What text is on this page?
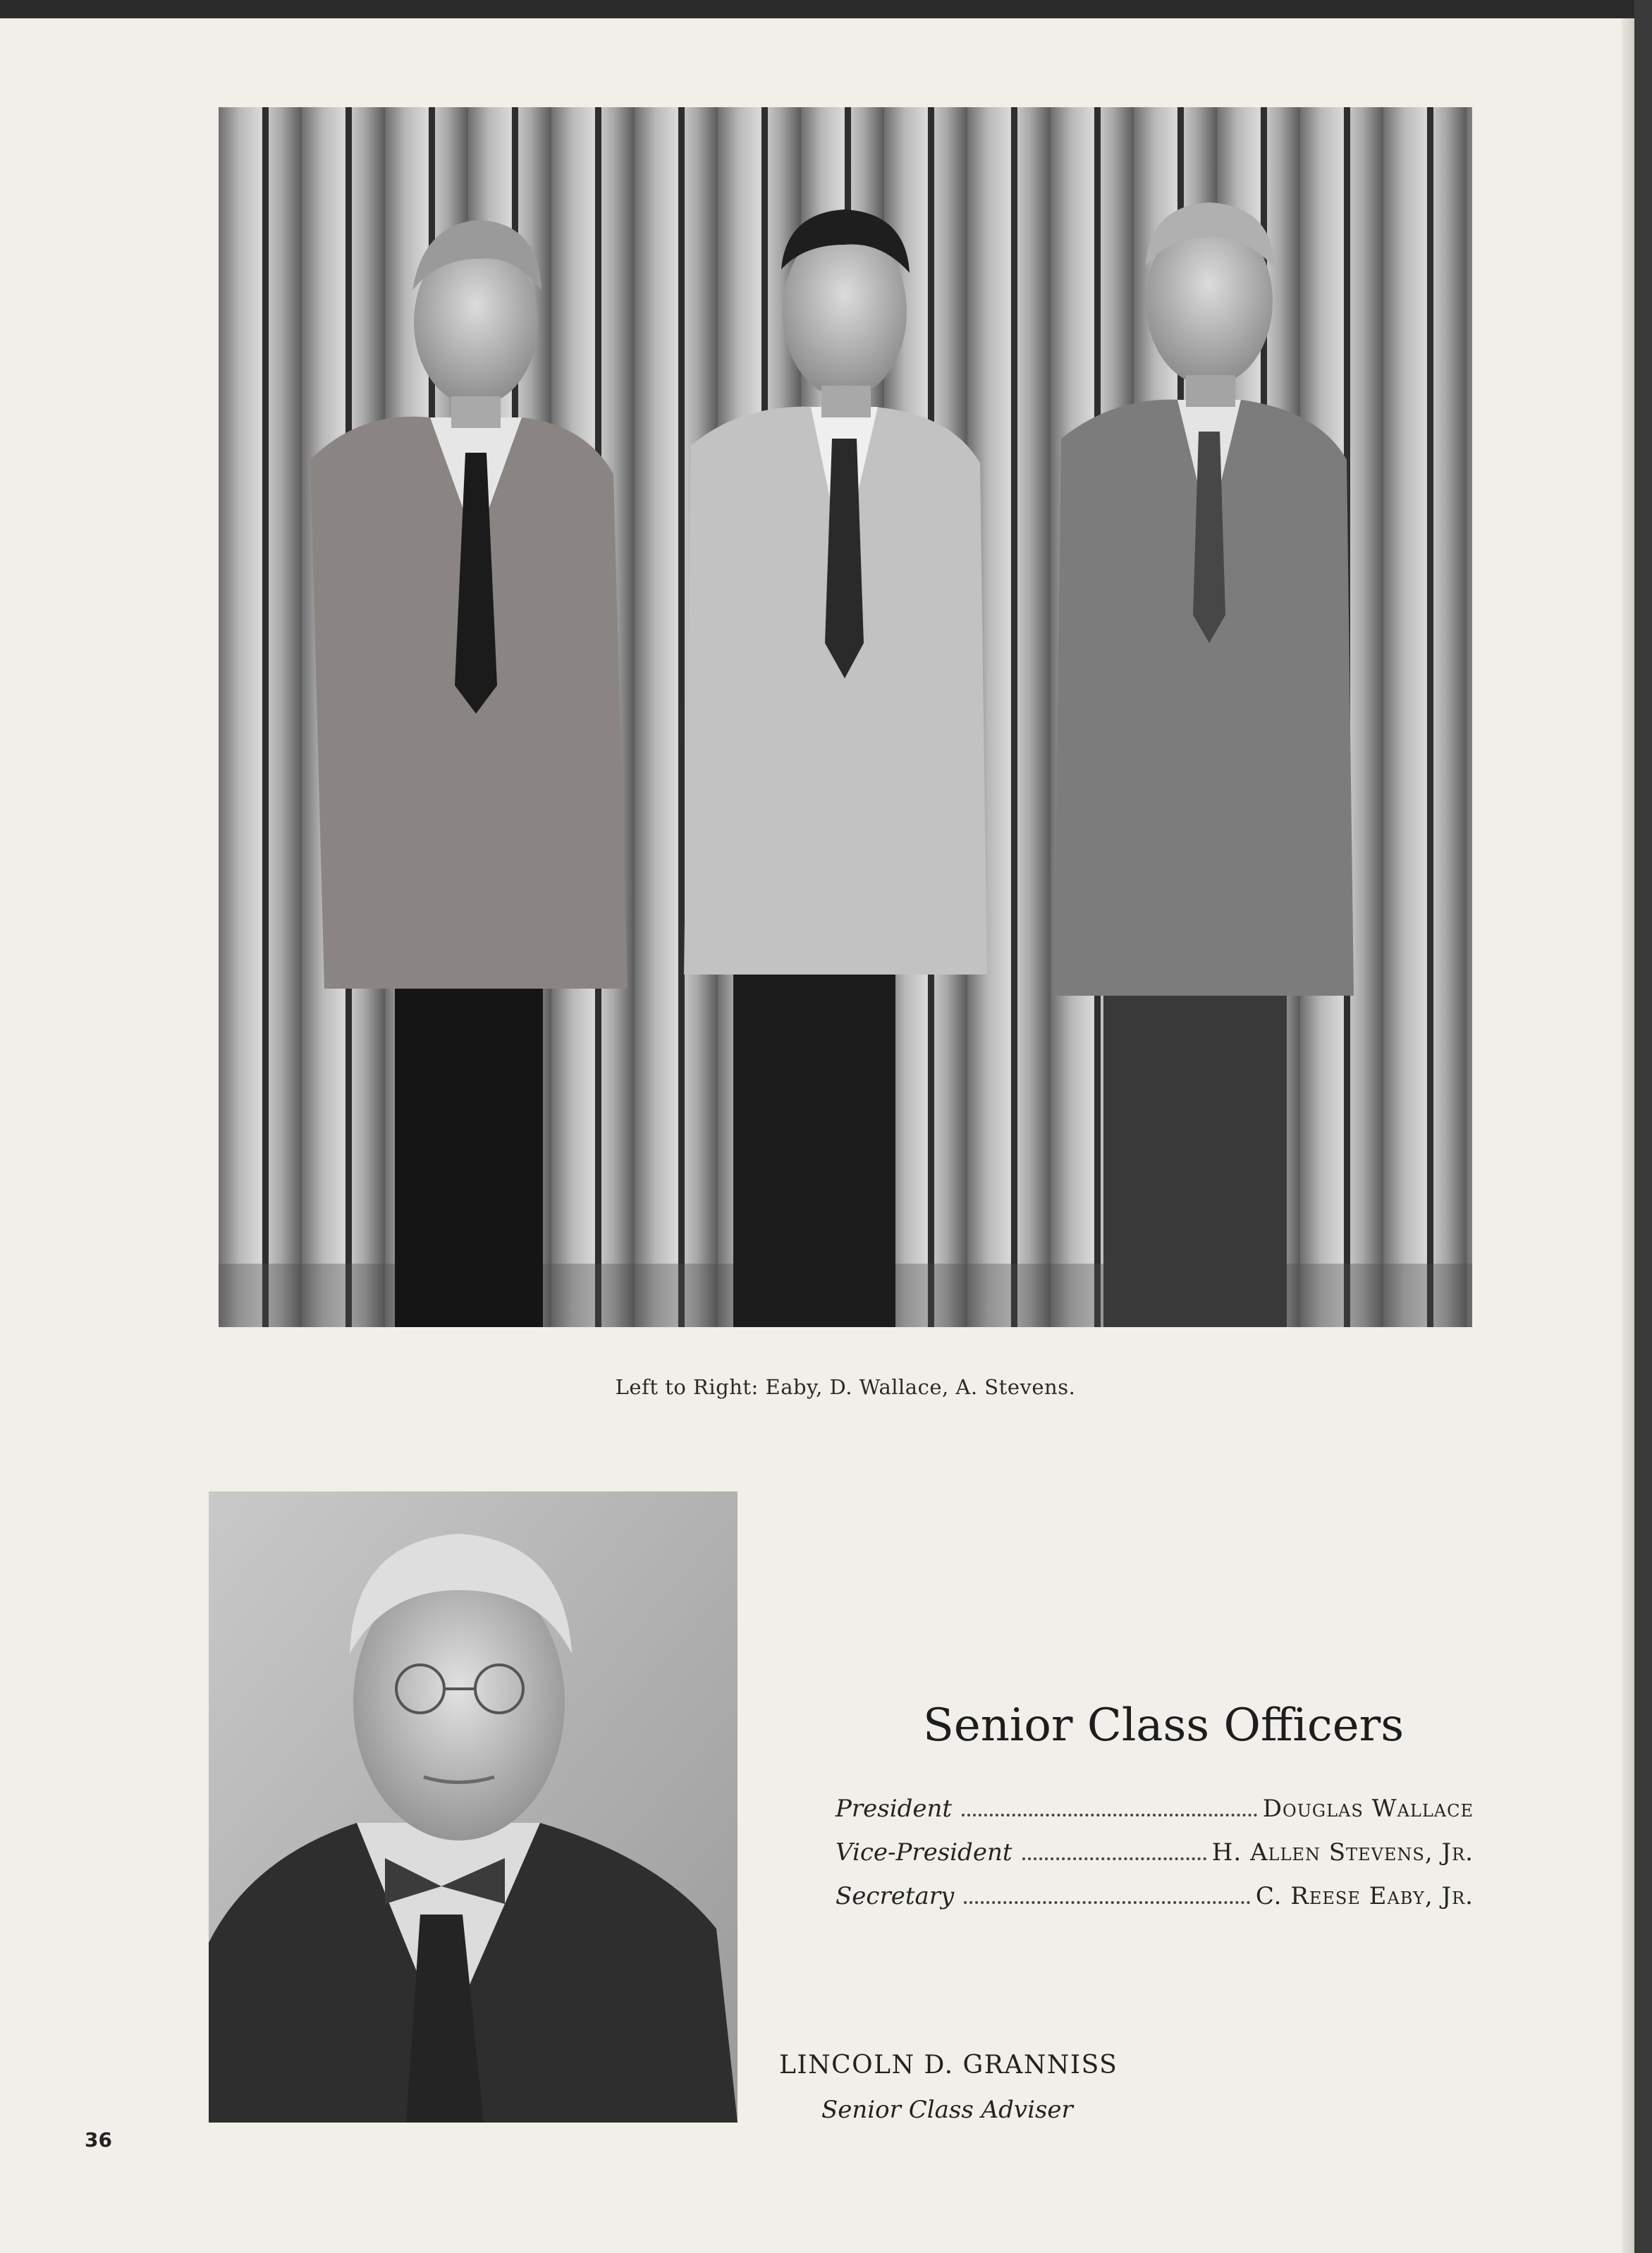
Left to Right: Eaby, D. Wallace, A. Stevens.
Senior Class Officers
President	Douglas Wallace
Vice-President	H. Allen Stevens, Jr.
Secretary	C. Reese Eaby, Jr.
LINCOLN D. GRANNISS
Senior Class Adviser
36
